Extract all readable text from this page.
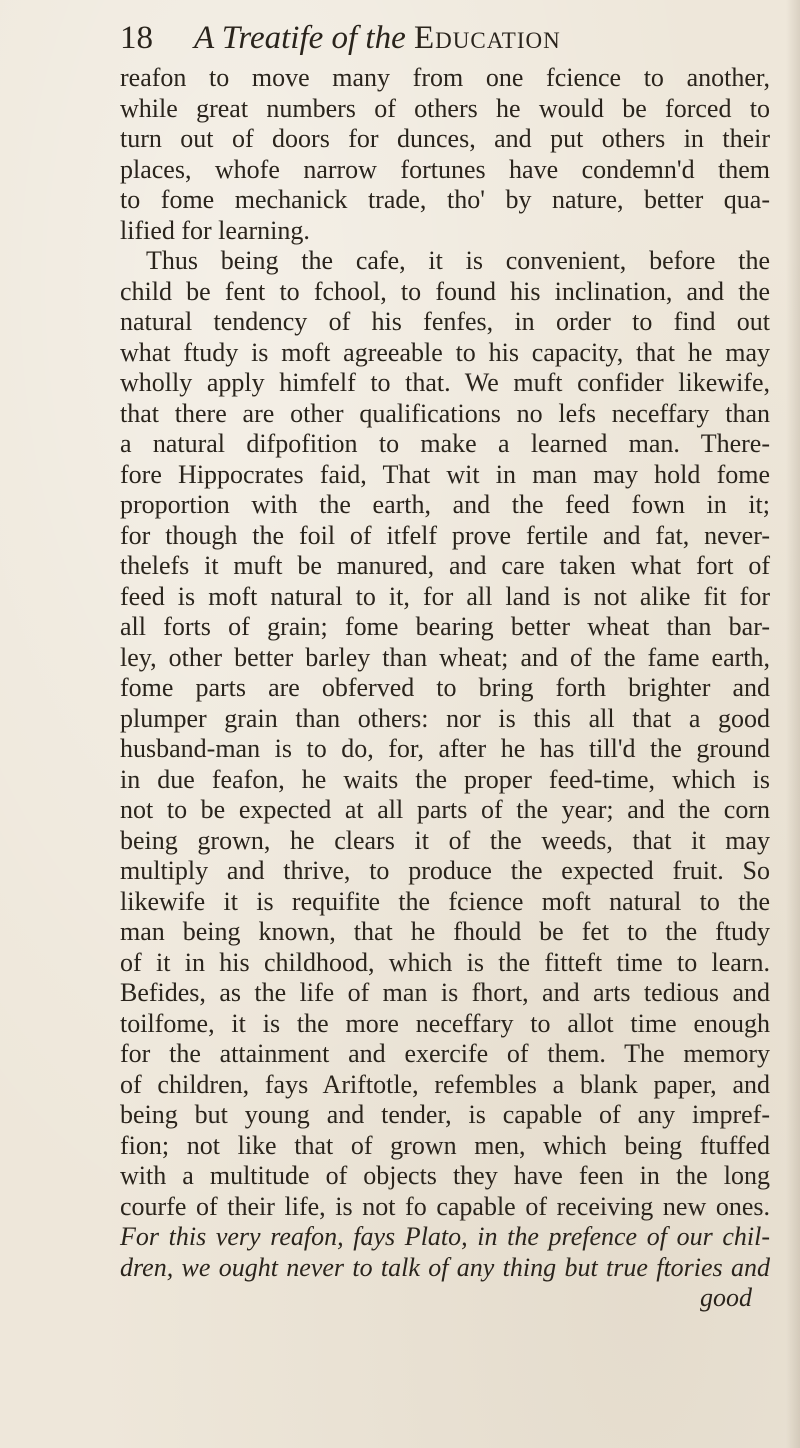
18	A Treatife of the Education
reafon to move many from one fcience to another,
while great numbers of others he would be forced to
turn out of doors for dunces, and put others in their
places, whofe narrow fortunes have condemn'd them
to fome mechanick trade, tho' by nature, better qua-
lified for learning.
Thus being the cafe, it is convenient, before the
child be fent to fchool, to found his inclination, and the
natural tendency of his fenfes, in order to find out
what ftudy is moft agreeable to his capacity, that he may
wholly apply himfelf to that. We muft confider likewife,
that there are other qualifications no lefs neceffary than
a natural difpofition to make a learned man. There-
fore Hippocrates faid, That wit in man may hold fome
proportion with the earth, and the feed fown in it;
for though the foil of itfelf prove fertile and fat, never-
thelefs it muft be manured, and care taken what fort of
feed is moft natural to it, for all land is not alike fit for
all forts of grain; fome bearing better wheat than bar-
ley, other better barley than wheat; and of the fame earth,
fome parts are obferved to bring forth brighter and
plumper grain than others: nor is this all that a good
husband-man is to do, for, after he has till'd the ground
in due feafon, he waits the proper feed-time, which is
not to be expected at all parts of the year; and the corn
being grown, he clears it of the weeds, that it may
multiply and thrive, to produce the expected fruit. So
likewife it is requifite the fcience moft natural to the
man being known, that he fhould be fet to the ftudy
of it in his childhood, which is the fitteft time to learn.
Befides, as the life of man is fhort, and arts tedious and
toilfome, it is the more neceffary to allot time enough
for the attainment and exercife of them. The memory
of children, fays Ariftotle, refembles a blank paper, and
being but young and tender, is capable of any impref-
fion; not like that of grown men, which being ftuffed
with a multitude of objects they have feen in the long
courfe of their life, is not fo capable of receiving new ones.
For this very reafon, fays Plato, in the prefence of our chil-
dren, we ought never to talk of any thing but true ftories and
good
